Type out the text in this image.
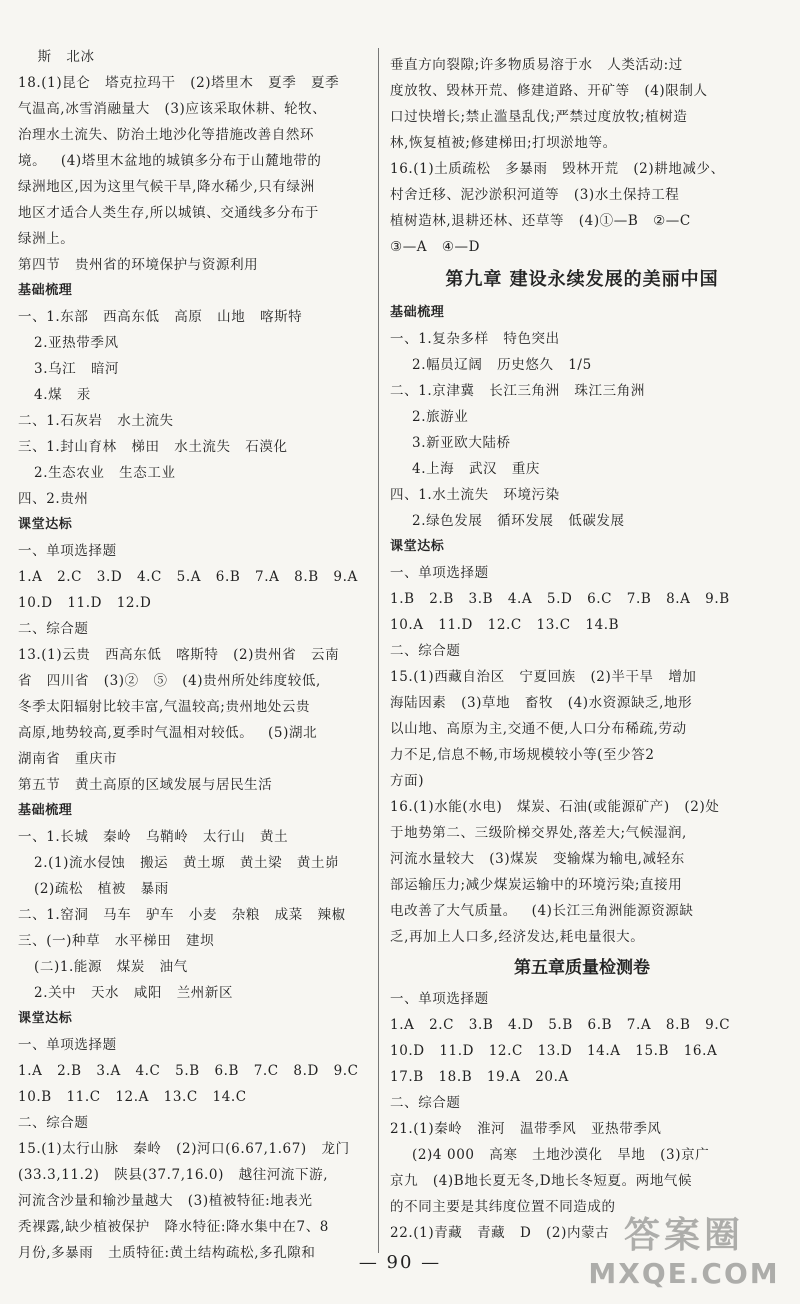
斯   北冰
18.(1)昆仑   塔克拉玛干   (2)塔里木   夏季   夏季
气温高,冰雪消融量大   (3)应该采取休耕、轮牧、
治理水土流失、防治土地沙化等措施改善自然环
境。   (4)塔里木盆地的城镇多分布于山麓地带的
绿洲地区,因为这里气候干旱,降水稀少,只有绿洲
地区才适合人类生存,所以城镇、交通线多分布于
绿洲上。
第四节   贵州省的环境保护与资源利用
基础梳理
一、1.东部   西高东低   高原   山地   喀斯特
2.亚热带季风
3.乌江   暗河
4.煤   汞
二、1.石灰岩   水土流失
三、1.封山育林   梯田   水土流失   石漠化
2.生态农业   生态工业
四、2.贵州
课堂达标
一、单项选择题
1.A   2.C   3.D   4.C   5.A   6.B   7.A   8.B   9.A
10.D   11.D   12.D
二、综合题
13.(1)云贵   西高东低   喀斯特   (2)贵州省   云南
省   四川省   (3)②   ⑤   (4)贵州所处纬度较低,
冬季太阳辐射比较丰富,气温较高;贵州地处云贵
高原,地势较高,夏季时气温相对较低。   (5)湖北
湖南省   重庆市
第五节   黄土高原的区域发展与居民生活
基础梳理
一、1.长城   秦岭   乌鞘岭   太行山   黄土
2.(1)流水侵蚀   搬运   黄土塬   黄土梁   黄土峁
(2)疏松   植被   暴雨
二、1.窑洞   马车   驴车   小麦   杂粮   成菜   辣椒
三、(一)种草   水平梯田   建坝
(二)1.能源   煤炭   油气
2.关中   天水   咸阳   兰州新区
课堂达标
一、单项选择题
1.A   2.B   3.A   4.C   5.B   6.B   7.C   8.D   9.C
10.B   11.C   12.A   13.C   14.C
二、综合题
15.(1)太行山脉   秦岭   (2)河口(6.67,1.67)   龙门
(33.3,11.2)   陕县(37.7,16.0)   越往河流下游,
河流含沙量和输沙量越大   (3)植被特征:地表光
秃裸露,缺少植被保护   降水特征:降水集中在7、8
月份,多暴雨   土质特征:黄土结构疏松,多孔隙和
垂直方向裂隙;许多物质易溶于水   人类活动:过
度放牧、毁林开荒、修建道路、开矿等   (4)限制人
口过快增长;禁止滥垦乱伐;严禁过度放牧;植树造
林,恢复植被;修建梯田;打坝淤地等。
16.(1)土质疏松   多暴雨   毁林开荒   (2)耕地减少、
村舍迁移、泥沙淤积河道等   (3)水土保持工程
植树造林,退耕还林、还草等   (4)①—B   ②—C
③—A   ④—D
第九章 建设永续发展的美丽中国
基础梳理
一、1.复杂多样   特色突出
2.幅员辽阔   历史悠久   1/5
二、1.京津冀   长江三角洲   珠江三角洲
2.旅游业
3.新亚欧大陆桥
4.上海   武汉   重庆
四、1.水土流失   环境污染
2.绿色发展   循环发展   低碳发展
课堂达标
一、单项选择题
1.B   2.B   3.B   4.A   5.D   6.C   7.B   8.A   9.B
10.A   11.D   12.C   13.C   14.B
二、综合题
15.(1)西藏自治区   宁夏回族   (2)半干旱   增加
海陆因素   (3)草地   畜牧   (4)水资源缺乏,地形
以山地、高原为主,交通不便,人口分布稀疏,劳动
力不足,信息不畅,市场规模较小等(至少答2
方面)
16.(1)水能(水电)   煤炭、石油(或能源矿产)   (2)处
于地势第二、三级阶梯交界处,落差大;气候湿润,
河流水量较大   (3)煤炭   变输煤为输电,减轻东
部运输压力;减少煤炭运输中的环境污染;直接用
电改善了大气质量。   (4)长江三角洲能源资源缺
乏,再加上人口多,经济发达,耗电量很大。
第五章质量检测卷
一、单项选择题
1.A   2.C   3.B   4.D   5.B   6.B   7.A   8.B   9.C
10.D   11.D   12.C   13.D   14.A   15.B   16.A
17.B   18.B   19.A   20.A
二、综合题
21.(1)秦岭   淮河   温带季风   亚热带季风
(2)4 000   高寒   土地沙漠化   旱地   (3)京广
京九   (4)B地长夏无冬,D地长冬短夏。两地气候
的不同主要是其纬度位置不同造成的
22.(1)青藏   青藏   D   (2)内蒙古
— 90 —
答案圈
MXQE.COM
